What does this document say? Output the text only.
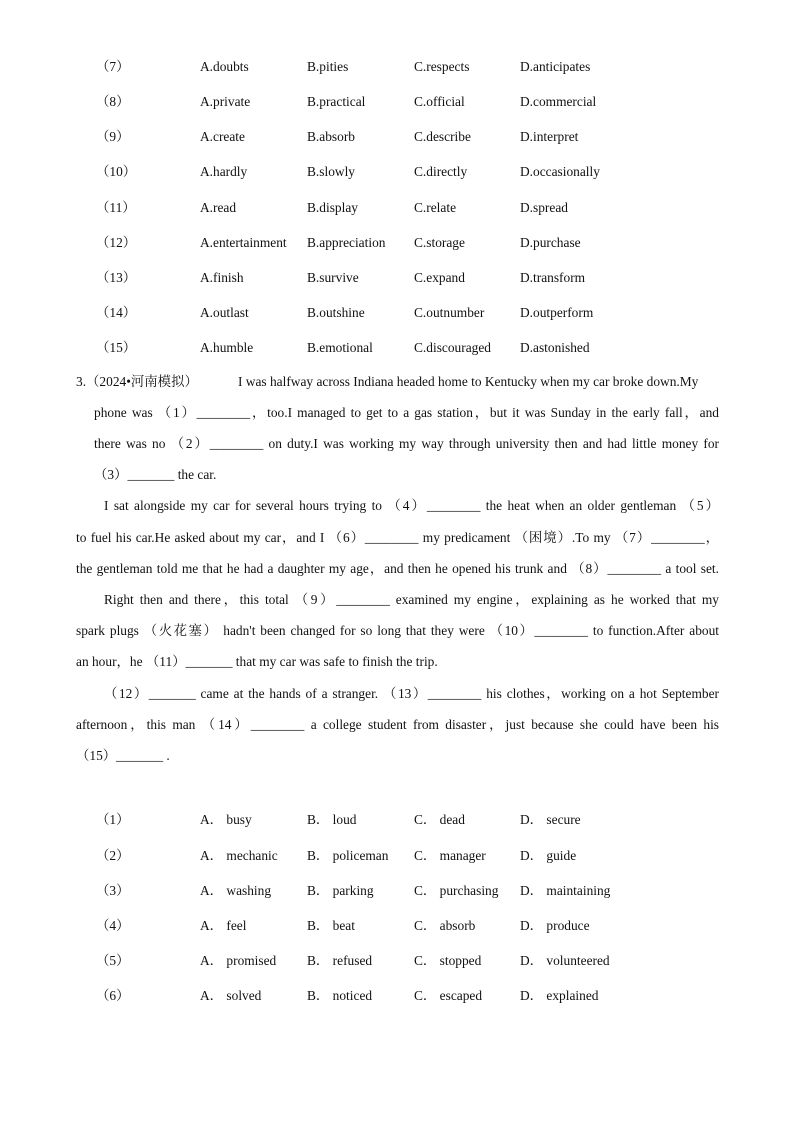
（7）	A.doubts	B.pities	C.respects	D.anticipates
（8）	A.private	B.practical	C.official	D.commercial
（9）	A.create	B.absorb	C.describe	D.interpret
（10）	A.hardly	B.slowly	C.directly	D.occasionally
（11）	A.read	B.display	C.relate	D.spread
（12）	A.entertainment B.appreciation C.storage	D.purchase
（13）	A.finish	B.survive	C.expand	D.transform
（14）	A.outlast	B.outshine	C.outnumber	D.outperform
（15）	A.humble	B.emotional	C.discouraged D.astonished
3.（2024•河南模拟）	I was halfway across Indiana headed home to Kentucky when my car broke down.My
phone was （1）________，too.I managed to get to a gas station，but it was Sunday in the early fall，and
there was no （2）________ on duty.I was working my way through university then and had little money for
（3）_______ the car.
I sat alongside my car for several hours trying to （4）________ the heat when an older gentleman （5）
to fuel his car.He asked about my car，and I （6）________ my predicament （困境）.To my （7）________，
the gentleman told me that he had a daughter my age，and then he opened his trunk and （8）________ a tool set.
Right then and there，this total （9）________ examined my engine，explaining as he worked that my
spark plugs （火花塞） hadn't been changed for so long that they were （10）________ to function.After about
an hour，he （11）_______ that my car was safe to finish the trip.
（12）_______ came at the hands of a stranger. （13）________ his clothes，working on a hot September
afternoon，this man （14）________ a college student from disaster，just because she could have been his
（15）_______ .
（1）	A． busy	B． loud	C． dead	D． secure
（2）	A． mechanic B． policeman C． manager	D． guide
（3）	A． washing	B． parking	C． purchasing D． maintaining
（4）	A． feel	B． beat	C． absorb	D． produce
（5）	A． promised B． refused	C． stopped	D． volunteered
（6）	A． solved	B． noticed	C． escaped	D． explained
